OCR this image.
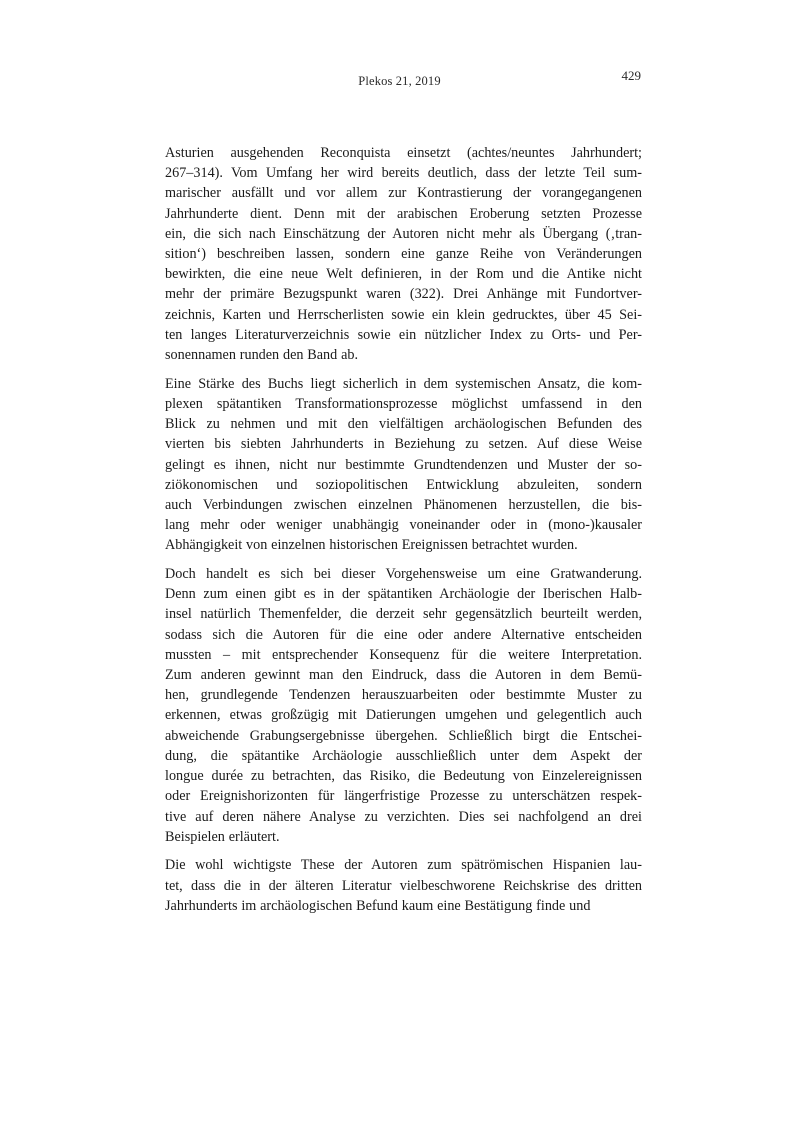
Plekos 21, 2019	429

Asturien ausgehenden Reconquista einsetzt (achtes/neuntes Jahrhundert;
267–314). Vom Umfang her wird bereits deutlich, dass der letzte Teil sum-
marischer ausfällt und vor allem zur Kontrastierung der vorangegangenen
Jahrhunderte dient. Denn mit der arabischen Eroberung setzten Prozesse
ein, die sich nach Einschätzung der Autoren nicht mehr als Übergang (‚tran-
sition‘) beschreiben lassen, sondern eine ganze Reihe von Veränderungen
bewirkten, die eine neue Welt definieren, in der Rom und die Antike nicht
mehr der primäre Bezugspunkt waren (322). Drei Anhänge mit Fundortver-
zeichnis, Karten und Herrscherlisten sowie ein klein gedrucktes, über 45 Sei-
ten langes Literaturverzeichnis sowie ein nützlicher Index zu Orts- und Per-
sonennamen runden den Band ab.

Eine Stärke des Buchs liegt sicherlich in dem systemischen Ansatz, die kom-
plexen spätantiken Transformationsprozesse möglichst umfassend in den
Blick zu nehmen und mit den vielfältigen archäologischen Befunden des
vierten bis siebten Jahrhunderts in Beziehung zu setzen. Auf diese Weise
gelingt es ihnen, nicht nur bestimmte Grundtendenzen und Muster der so-
ziökonomischen und soziopolitischen Entwicklung abzuleiten, sondern
auch Verbindungen zwischen einzelnen Phänomenen herzustellen, die bis-
lang mehr oder weniger unabhängig voneinander oder in (mono-)kausaler
Abhängigkeit von einzelnen historischen Ereignissen betrachtet wurden.

Doch handelt es sich bei dieser Vorgehensweise um eine Gratwanderung.
Denn zum einen gibt es in der spätantiken Archäologie der Iberischen Halb-
insel natürlich Themenfelder, die derzeit sehr gegensätzlich beurteilt werden,
sodass sich die Autoren für die eine oder andere Alternative entscheiden
mussten – mit entsprechender Konsequenz für die weitere Interpretation.
Zum anderen gewinnt man den Eindruck, dass die Autoren in dem Bemü-
hen, grundlegende Tendenzen herauszuarbeiten oder bestimmte Muster zu
erkennen, etwas großzügig mit Datierungen umgehen und gelegentlich auch
abweichende Grabungsergebnisse übergehen. Schließlich birgt die Entschei-
dung, die spätantike Archäologie ausschließlich unter dem Aspekt der
longue durée zu betrachten, das Risiko, die Bedeutung von Einzelereignissen
oder Ereignishorizonten für längerfristige Prozesse zu unterschätzen respek-
tive auf deren nähere Analyse zu verzichten. Dies sei nachfolgend an drei
Beispielen erläutert.

Die wohl wichtigste These der Autoren zum spätrömischen Hispanien lau-
tet, dass die in der älteren Literatur vielbeschworene Reichskrise des dritten
Jahrhunderts im archäologischen Befund kaum eine Bestätigung finde und
